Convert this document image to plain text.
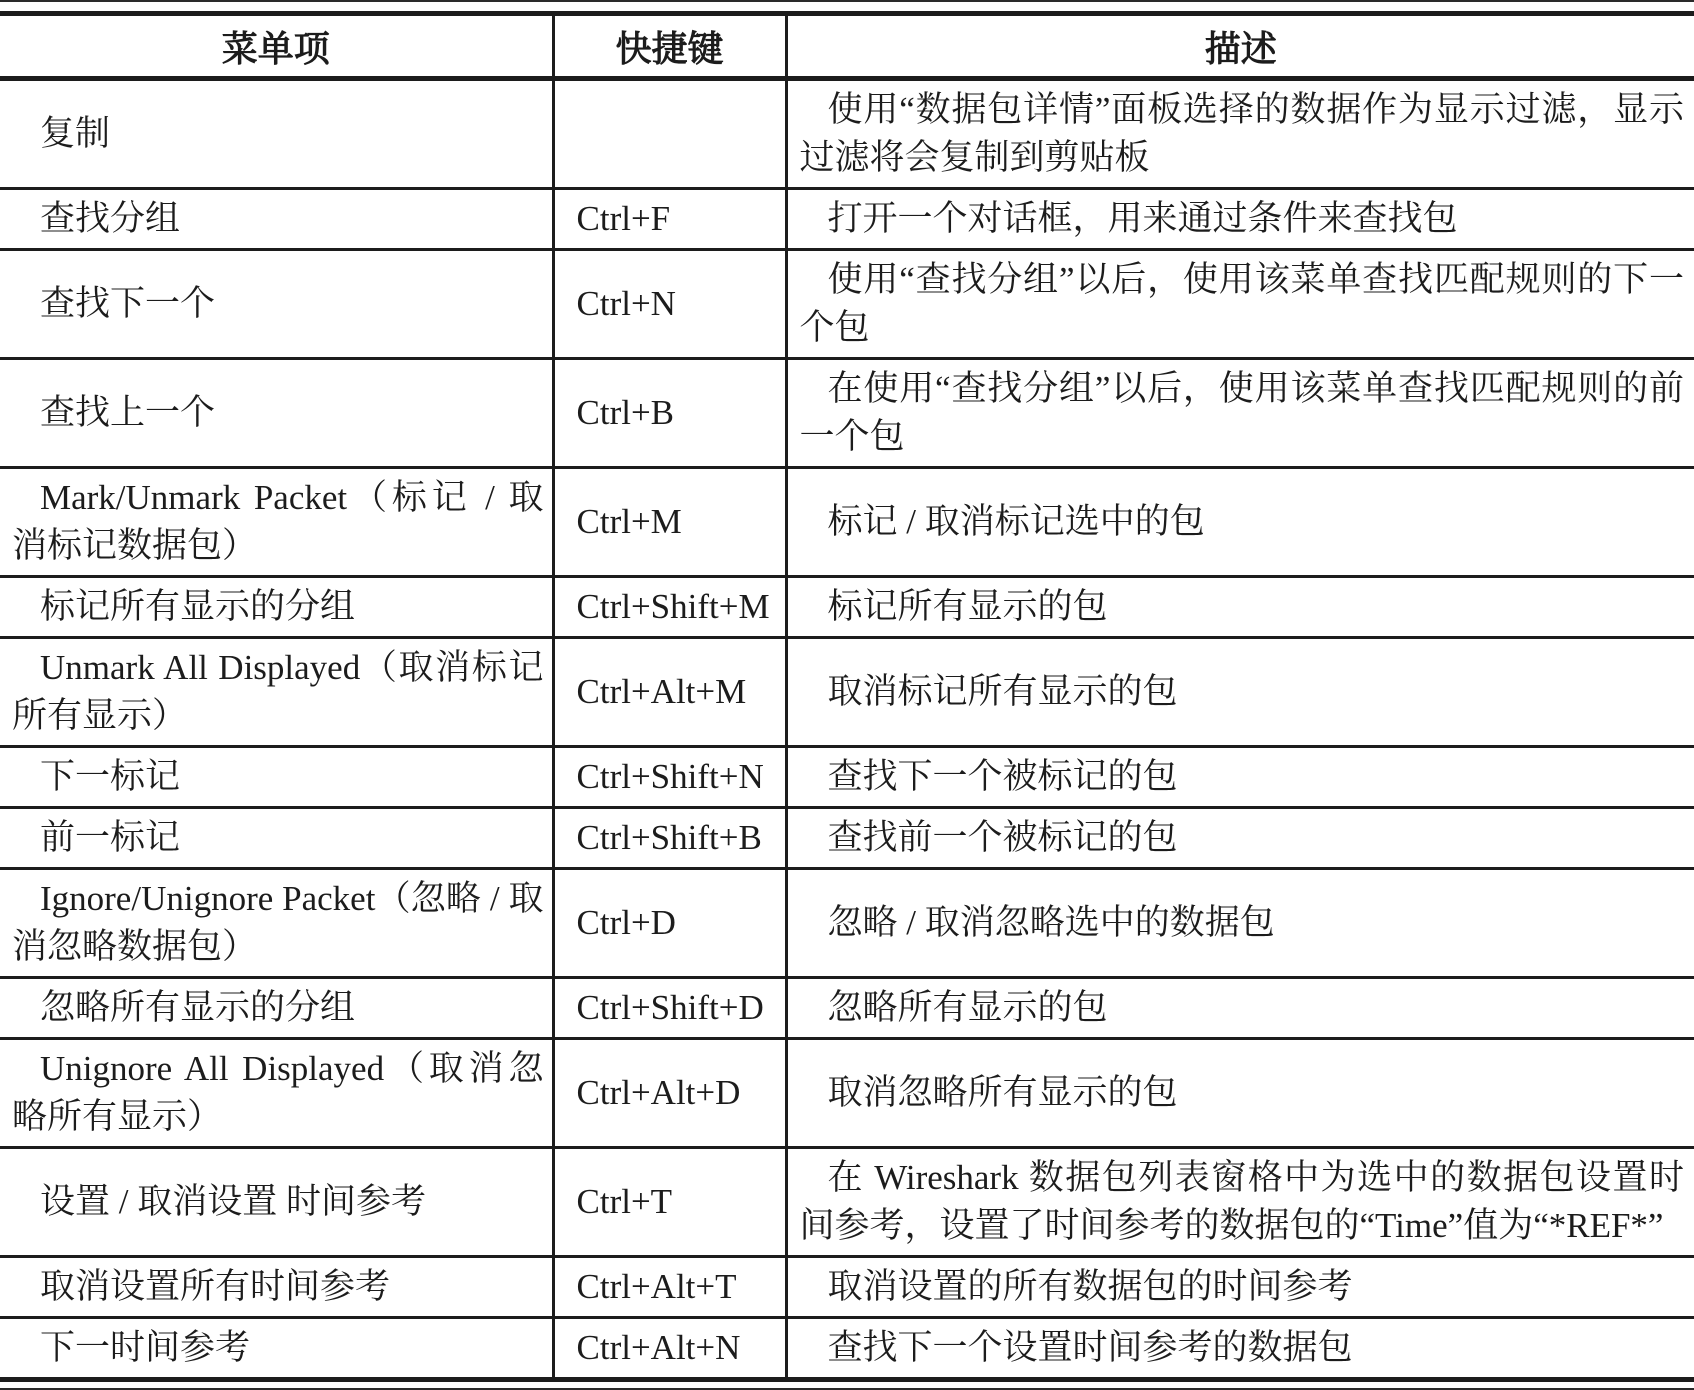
菜单项	快捷键	描述

复制		使用“数据包详情”面板选择的数据作为显示过滤，显示过滤将会复制到剪贴板

查找分组	Ctrl+F	打开一个对话框，用来通过条件来查找包

查找下一个	Ctrl+N	使用“查找分组”以后，使用该菜单查找匹配规则的下一个包

查找上一个	Ctrl+B	在使用“查找分组”以后，使用该菜单查找匹配规则的前一个包

Mark/Unmark Packet（标记 / 取消标记数据包）	Ctrl+M	标记 / 取消标记选中的包

标记所有显示的分组	Ctrl+Shift+M	标记所有显示的包

Unmark All Displayed（取消标记所有显示）	Ctrl+Alt+M	取消标记所有显示的包

下一标记	Ctrl+Shift+N	查找下一个被标记的包

前一标记	Ctrl+Shift+B	查找前一个被标记的包

Ignore/Unignore Packet（忽略 / 取消忽略数据包）	Ctrl+D	忽略 / 取消忽略选中的数据包

忽略所有显示的分组	Ctrl+Shift+D	忽略所有显示的包

Unignore All Displayed（取消忽略所有显示）	Ctrl+Alt+D	取消忽略所有显示的包

设置 / 取消设置 时间参考	Ctrl+T	在 Wireshark 数据包列表窗格中为选中的数据包设置时间参考，设置了时间参考的数据包的“Time”值为“*REF*”

取消设置所有时间参考	Ctrl+Alt+T	取消设置的所有数据包的时间参考

下一时间参考	Ctrl+Alt+N	查找下一个设置时间参考的数据包
